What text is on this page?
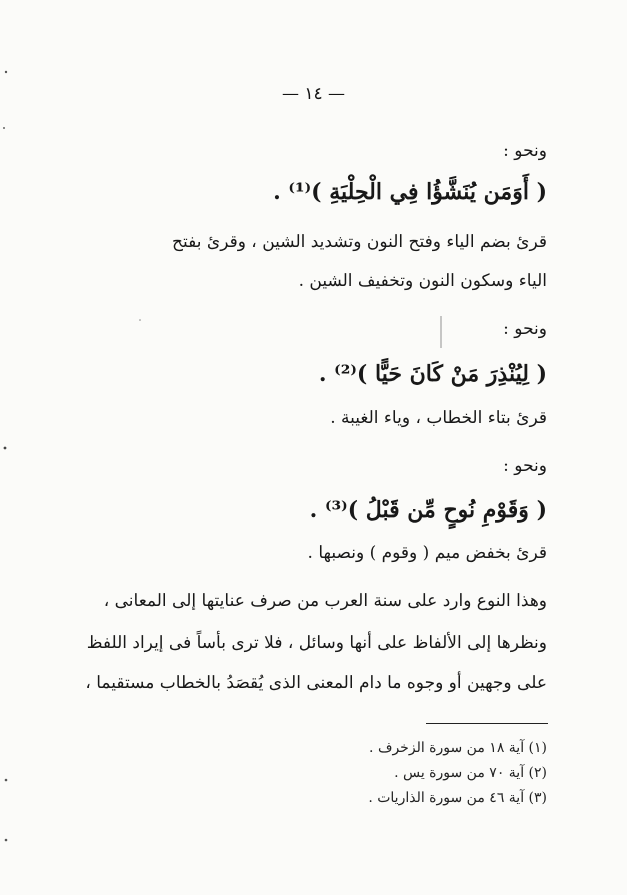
— ١٤ —
ونحو :
( أَوَمَن يُنَشَّؤُا فِي الْحِلْيَةِ )⁽¹⁾ .
قرئ بضم الياء وفتح النون وتشديد الشين ، وقرئ بفتح
الياء وسكون النون وتخفيف الشين .
ونحو :
( لِيُنْذِرَ مَنْ كَانَ حَيًّا )⁽²⁾ .
قرئ بتاء الخطاب ، وياء الغيبة .
ونحو :
( وَقَوْمِ نُوحٍ مِّن قَبْلُ )⁽³⁾ .
قرئ بخفض ميم ( وقوم ) ونصبها .
وهذا النوع وارد على سنة العرب من صرف عنايتها إلى المعانى ،
ونظرها إلى الألفاظ على أنها وسائل ، فلا ترى بأساً فى إيراد اللفظ
على وجهين أو وجوه ما دام المعنى الذى يُقصَدُ بالخطاب مستقيما ،
(١) آية ١٨ من سورة الزخرف .
(٢) آية ٧٠ من سورة يس .
(٣) آية ٤٦ من سورة الذاريات .
